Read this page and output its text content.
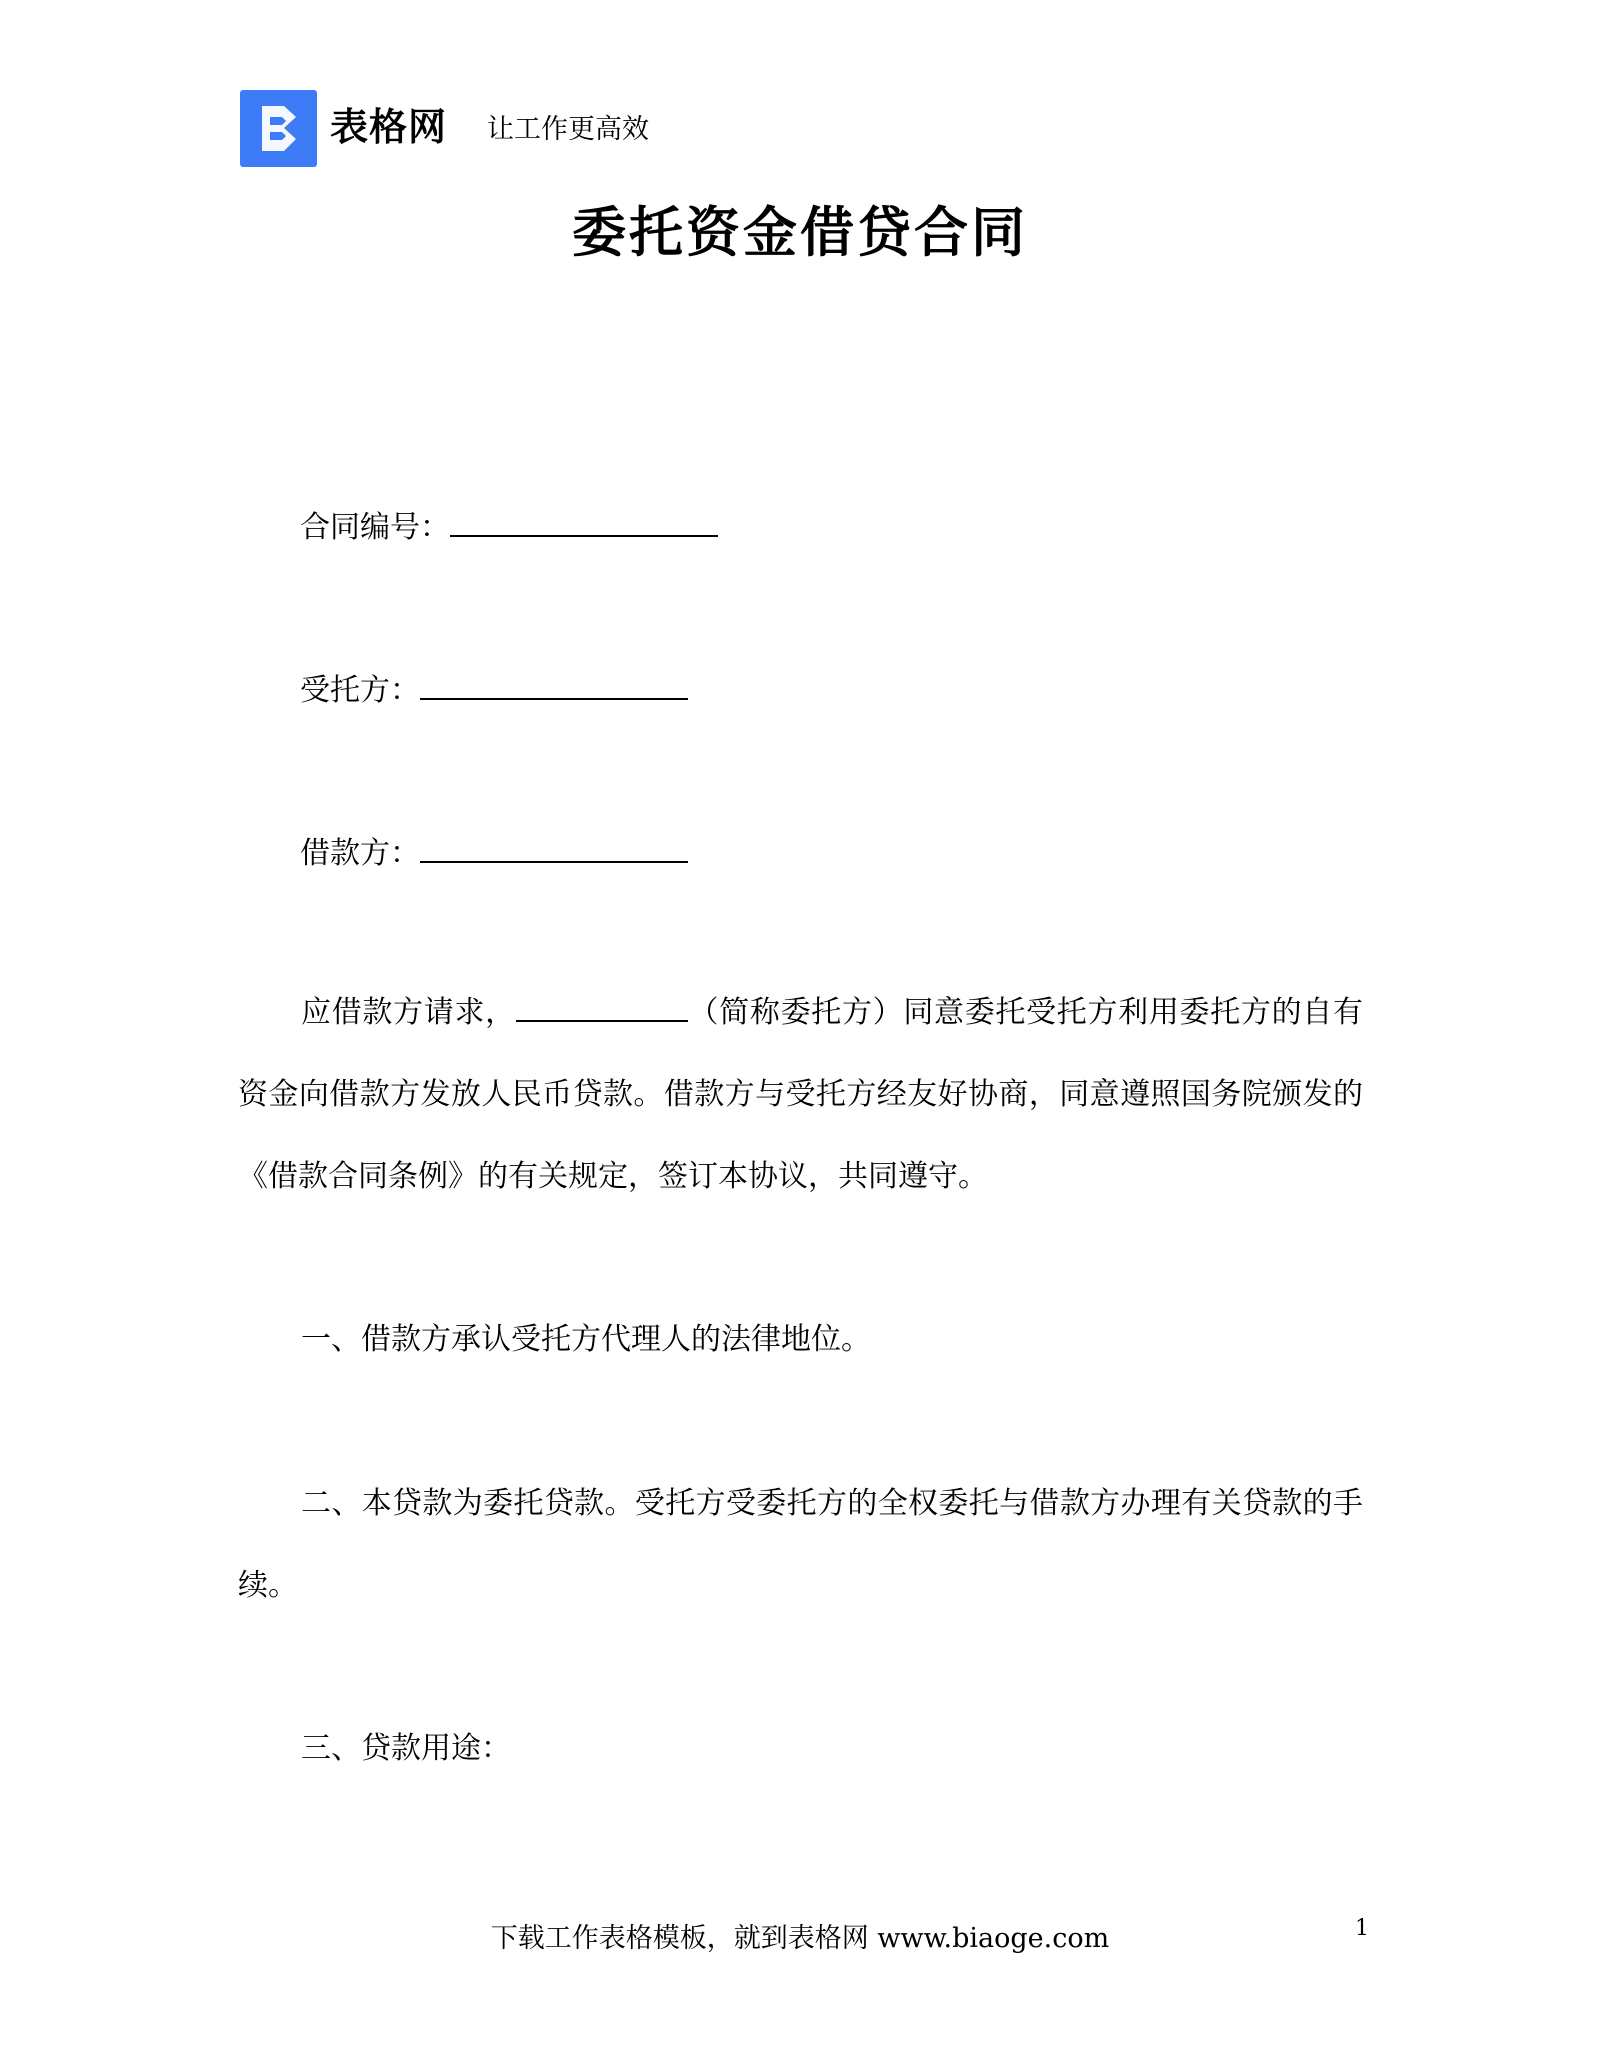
表格网 让工作更高效
委托资金借贷合同
合同编号：
受托方：
借款方：
应借款方请求，	（简称委托方）同意委托受托方利用委托方的自有资金向借款方发放人民币贷款。借款方与受托方经友好协商，同意遵照国务院颁发的《借款合同条例》的有关规定，签订本协议，共同遵守。
一、借款方承认受托方代理人的法律地位。
二、本贷款为委托贷款。受托方受委托方的全权委托与借款方办理有关贷款的手续。
三、贷款用途：
下载工作表格模板，就到表格网 www.biaoge.com	1
